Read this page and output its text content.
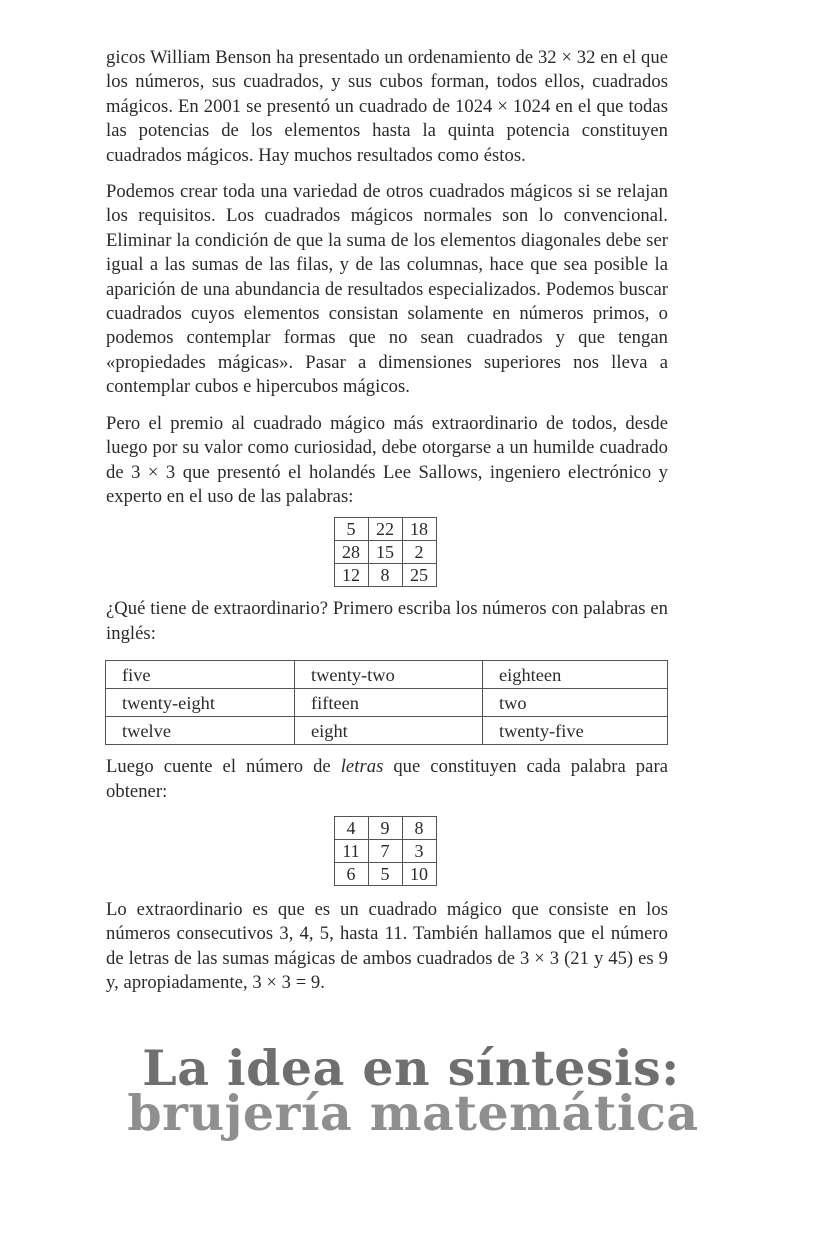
gicos William Benson ha presentado un ordenamiento de 32 × 32 en el que los números, sus cuadrados, y sus cubos forman, todos ellos, cuadrados mágicos. En 2001 se presentó un cuadrado de 1024 × 1024 en el que todas las potencias de los elementos hasta la quinta potencia constituyen cuadrados mágicos. Hay muchos resultados como éstos.

Podemos crear toda una variedad de otros cuadrados mágicos si se relajan los requisitos. Los cuadrados mágicos normales son lo convencional. Eliminar la condición de que la suma de los elementos diagonales debe ser igual a las sumas de las filas, y de las columnas, hace que sea posible la aparición de una abundancia de resultados especializados. Podemos buscar cuadrados cuyos elementos consistan solamente en números primos, o podemos contemplar formas que no sean cuadrados y que tengan «propiedades mágicas». Pasar a dimensiones superiores nos lleva a contemplar cubos e hipercubos mágicos.

Pero el premio al cuadrado mágico más extraordinario de todos, desde luego por su valor como curiosidad, debe otorgarse a un humilde cuadrado de 3 × 3 que presentó el holandés Lee Sallows, ingeniero electrónico y experto en el uso de las palabras:

5	22	18
28	15	2
12	8	25

¿Qué tiene de extraordinario? Primero escriba los números con palabras en inglés:

five	twenty-two	eighteen
twenty-eight	fifteen	two
twelve	eight	twenty-five

Luego cuente el número de letras que constituyen cada palabra para obtener:

4	9	8
11	7	3
6	5	10

Lo extraordinario es que es un cuadrado mágico que consiste en los números consecutivos 3, 4, 5, hasta 11. También hallamos que el número de letras de las sumas mágicas de ambos cuadrados de 3 × 3 (21 y 45) es 9 y, apropiadamente, 3 × 3 = 9.

La idea en síntesis:
brujería matemática
